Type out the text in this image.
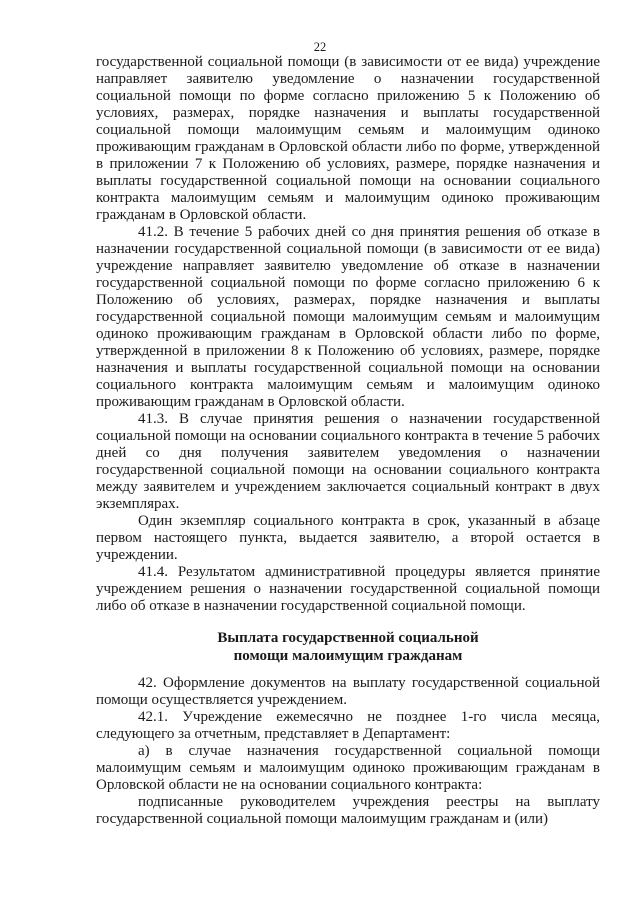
22

государственной социальной помощи (в зависимости от ее вида) учреждение направляет заявителю уведомление о назначении государственной социальной помощи по форме согласно приложению 5 к Положению об условиях, размерах, порядке назначения и выплаты государственной социальной помощи малоимущим семьям и малоимущим одиноко проживающим гражданам в Орловской области либо по форме, утвержденной в приложении 7 к Положению об условиях, размере, порядке назначения и выплаты государственной социальной помощи на основании социального контракта малоимущим семьям и малоимущим одиноко проживающим гражданам в Орловской области.

41.2. В течение 5 рабочих дней со дня принятия решения об отказе в назначении государственной социальной помощи (в зависимости от ее вида) учреждение направляет заявителю уведомление об отказе в назначении государственной социальной помощи по форме согласно приложению 6 к Положению об условиях, размерах, порядке назначения и выплаты государственной социальной помощи малоимущим семьям и малоимущим одиноко проживающим гражданам в Орловской области либо по форме, утвержденной в приложении 8 к Положению об условиях, размере, порядке назначения и выплаты государственной социальной помощи на основании социального контракта малоимущим семьям и малоимущим одиноко проживающим гражданам в Орловской области.

41.3. В случае принятия решения о назначении государственной социальной помощи на основании социального контракта в течение 5 рабочих дней со дня получения заявителем уведомления о назначении государственной социальной помощи на основании социального контракта между заявителем и учреждением заключается социальный контракт в двух экземплярах.

Один экземпляр социального контракта в срок, указанный в абзаце первом настоящего пункта, выдается заявителю, а второй остается в учреждении.

41.4. Результатом административной процедуры является принятие учреждением решения о назначении государственной социальной помощи либо об отказе в назначении государственной социальной помощи.

Выплата государственной социальной
помощи малоимущим гражданам

42. Оформление документов на выплату государственной социальной помощи осуществляется учреждением.

42.1. Учреждение ежемесячно не позднее 1-го числа месяца, следующего за отчетным, представляет в Департамент:

а) в случае назначения государственной социальной помощи малоимущим семьям и малоимущим одиноко проживающим гражданам в Орловской области не на основании социального контракта:

подписанные руководителем учреждения реестры на выплату государственной социальной помощи малоимущим гражданам и (или)
